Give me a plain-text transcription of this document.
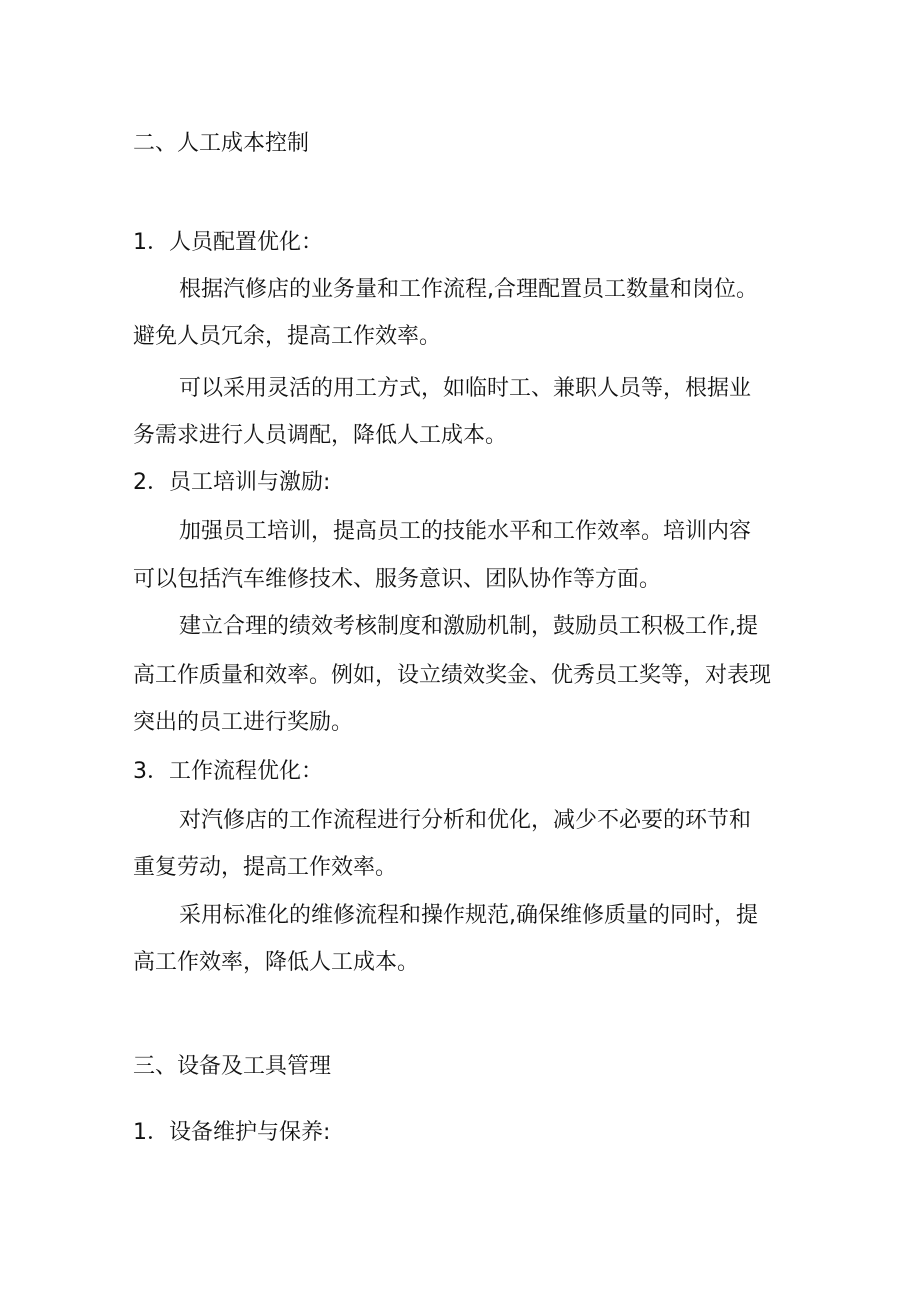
二、人工成本控制

1．人员配置优化：

根据汽修店的业务量和工作流程,合理配置员工数量和岗位。

避免人员冗余，提高工作效率。

可以采用灵活的用工方式，如临时工、兼职人员等，根据业

务需求进行人员调配，降低人工成本。

2．员工培训与激励:

加强员工培训，提高员工的技能水平和工作效率。培训内容

可以包括汽车维修技术、服务意识、团队协作等方面。

建立合理的绩效考核制度和激励机制，鼓励员工积极工作,提

高工作质量和效率。例如，设立绩效奖金、优秀员工奖等，对表现

突出的员工进行奖励。

3．工作流程优化：

对汽修店的工作流程进行分析和优化，减少不必要的环节和

重复劳动，提高工作效率。

采用标准化的维修流程和操作规范,确保维修质量的同时，提

高工作效率，降低人工成本。

三、设备及工具管理

1．设备维护与保养:
